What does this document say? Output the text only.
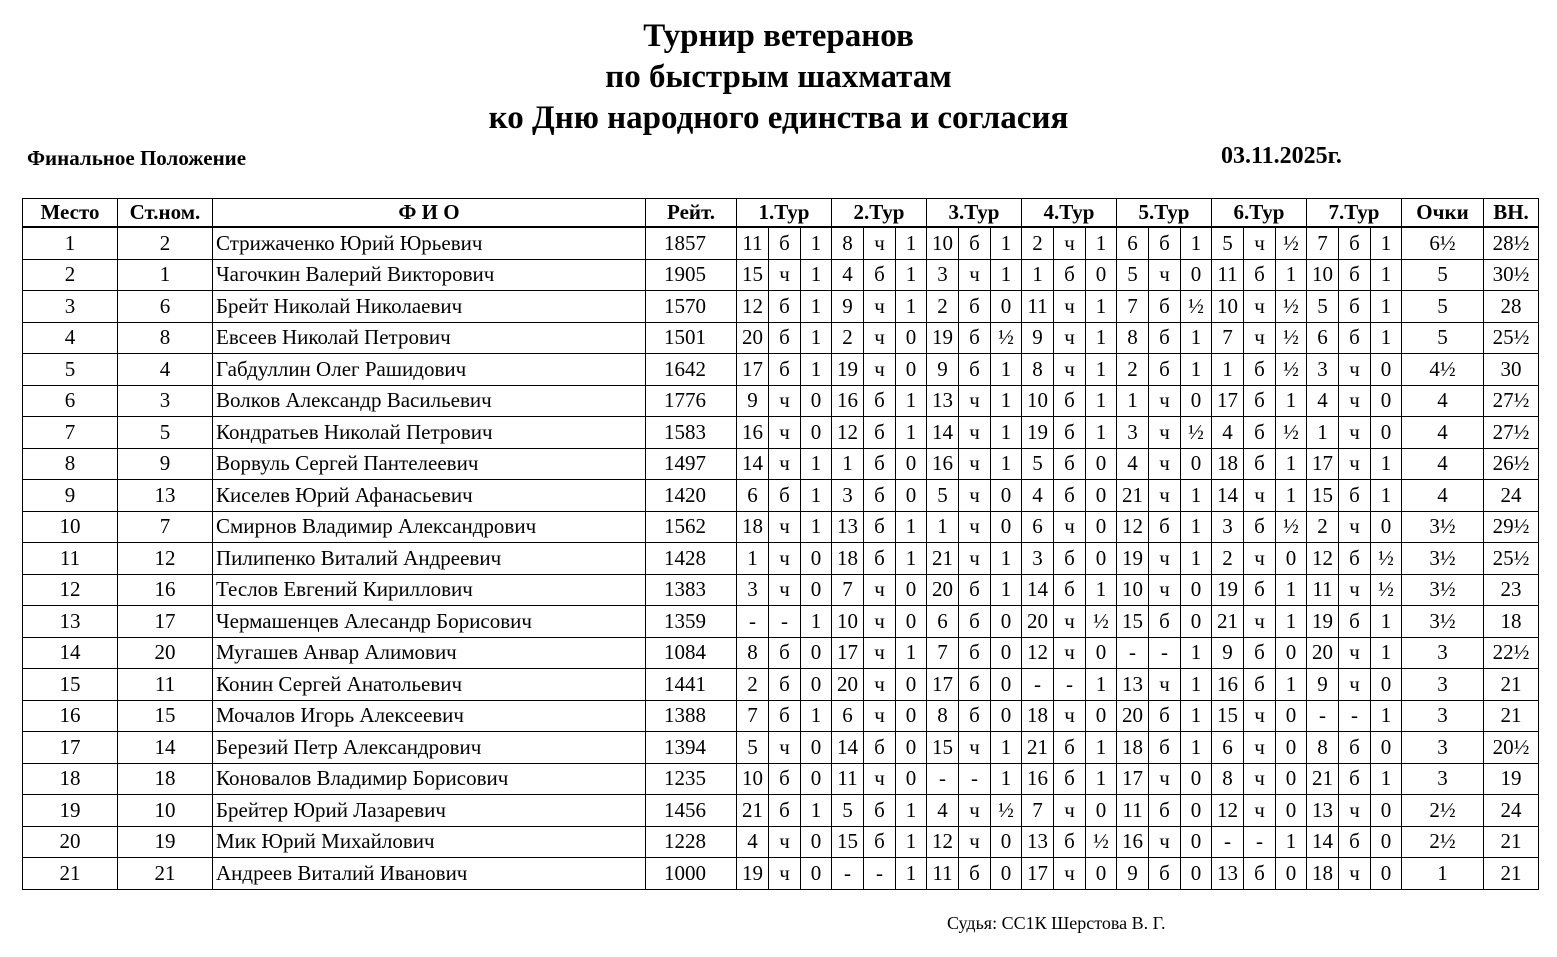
Турнир ветеранов
по быстрым шахматам
ко Дню народного единства и согласия
Финальное Положение	03.11.2025г.
Место	Ст.ном.	Ф И О	Рейт.	1.Тур			2.Тур			3.Тур			4.Тур			5.Тур			6.Тур			7.Тур			Очки	ВН.
1	2	Стрижаченко Юрий Юрьевич	1857	11	б	1	8	ч	1	10	б	1	2	ч	1	6	б	1	5	ч	½	7	б	1	6½	28½
2	1	Чагочкин Валерий Викторович	1905	15	ч	1	4	б	1	3	ч	1	1	б	0	5	ч	0	11	б	1	10	б	1	5	30½
3	6	Брейт Николай Николаевич	1570	12	б	1	9	ч	1	2	б	0	11	ч	1	7	б	½	10	ч	½	5	б	1	5	28
4	8	Евсеев Николай Петрович	1501	20	б	1	2	ч	0	19	б	½	9	ч	1	8	б	1	7	ч	½	6	б	1	5	25½
5	4	Габдуллин Олег Рашидович	1642	17	б	1	19	ч	0	9	б	1	8	ч	1	2	б	1	1	б	½	3	ч	0	4½	30
6	3	Волков Александр Васильевич	1776	9	ч	0	16	б	1	13	ч	1	10	б	1	1	ч	0	17	б	1	4	ч	0	4	27½
7	5	Кондратьев Николай Петрович	1583	16	ч	0	12	б	1	14	ч	1	19	б	1	3	ч	½	4	б	½	1	ч	0	4	27½
8	9	Ворвуль Сергей Пантелеевич	1497	14	ч	1	1	б	0	16	ч	1	5	б	0	4	ч	0	18	б	1	17	ч	1	4	26½
9	13	Киселев Юрий Афанасьевич	1420	6	б	1	3	б	0	5	ч	0	4	б	0	21	ч	1	14	ч	1	15	б	1	4	24
10	7	Смирнов Владимир Александрович	1562	18	ч	1	13	б	1	1	ч	0	6	ч	0	12	б	1	3	б	½	2	ч	0	3½	29½
11	12	Пилипенко Виталий Андреевич	1428	1	ч	0	18	б	1	21	ч	1	3	б	0	19	ч	1	2	ч	0	12	б	½	3½	25½
12	16	Теслов Евгений Кириллович	1383	3	ч	0	7	ч	0	20	б	1	14	б	1	10	ч	0	19	б	1	11	ч	½	3½	23
13	17	Чермашенцев Алесандр Борисович	1359	-	-	1	10	ч	0	6	б	0	20	ч	½	15	б	0	21	ч	1	19	б	1	3½	18
14	20	Мугашев Анвар Алимович	1084	8	б	0	17	ч	1	7	б	0	12	ч	0	-	-	1	9	б	0	20	ч	1	3	22½
15	11	Конин Сергей Анатольевич	1441	2	б	0	20	ч	0	17	б	0	-	-	1	13	ч	1	16	б	1	9	ч	0	3	21
16	15	Мочалов Игорь Алексеевич	1388	7	б	1	6	ч	0	8	б	0	18	ч	0	20	б	1	15	ч	0	-	-	1	3	21
17	14	Березий Петр Александрович	1394	5	ч	0	14	б	0	15	ч	1	21	б	1	18	б	1	6	ч	0	8	б	0	3	20½
18	18	Коновалов Владимир Борисович	1235	10	б	0	11	ч	0	-	-	1	16	б	1	17	ч	0	8	ч	0	21	б	1	3	19
19	10	Брейтер Юрий Лазаревич	1456	21	б	1	5	б	1	4	ч	½	7	ч	0	11	б	0	12	ч	0	13	ч	0	2½	24
20	19	Мик Юрий Михайлович	1228	4	ч	0	15	б	1	12	ч	0	13	б	½	16	ч	0	-	-	1	14	б	0	2½	21
21	21	Андреев Виталий Иванович	1000	19	ч	0	-	-	1	11	б	0	17	ч	0	9	б	0	13	б	0	18	ч	0	1	21
Судья: СС1К Шерстова В. Г.
